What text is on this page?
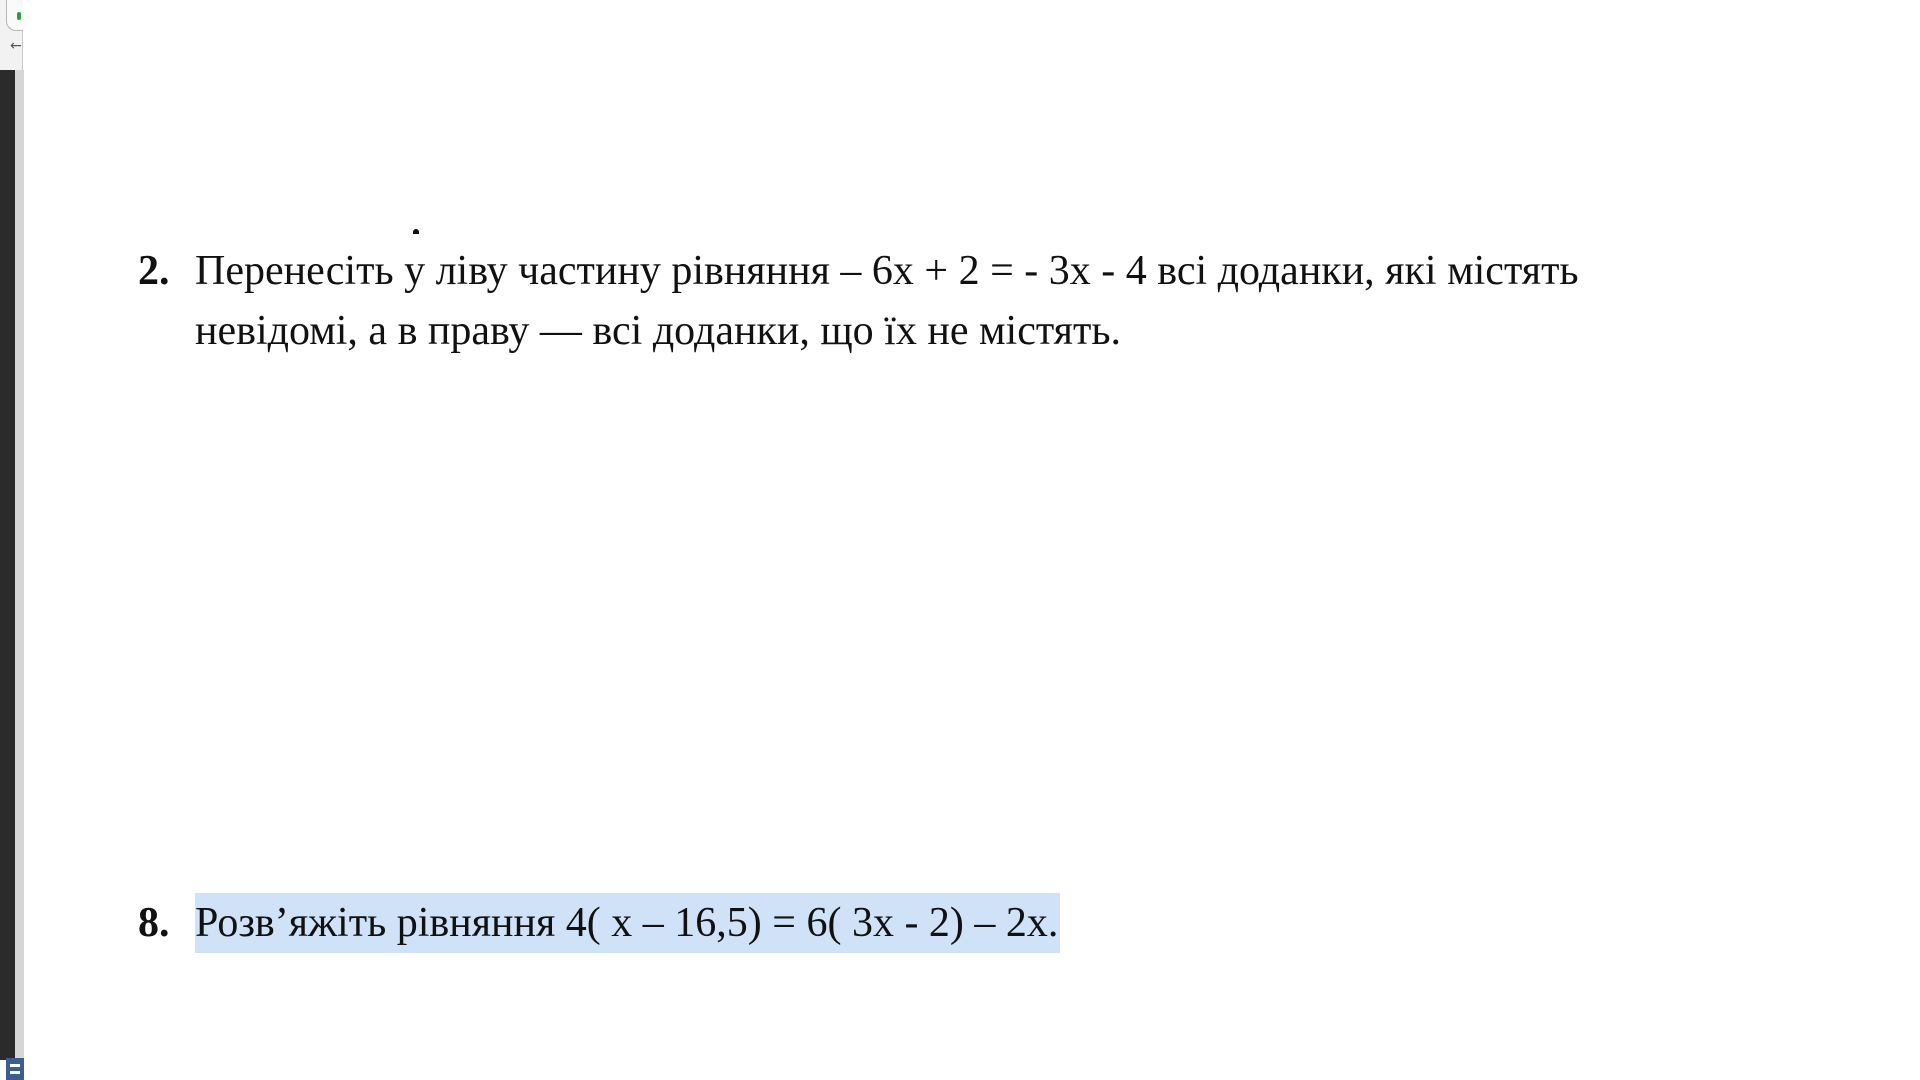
←
2. Перенесіть у ліву частину рівняння – 6x + 2 = - 3x - 4 всі доданки, які містять
невідомі, а в праву — всі доданки, що їх не містять.
8. Розв’яжіть рівняння 4( x – 16,5) = 6( 3x - 2) – 2x.
